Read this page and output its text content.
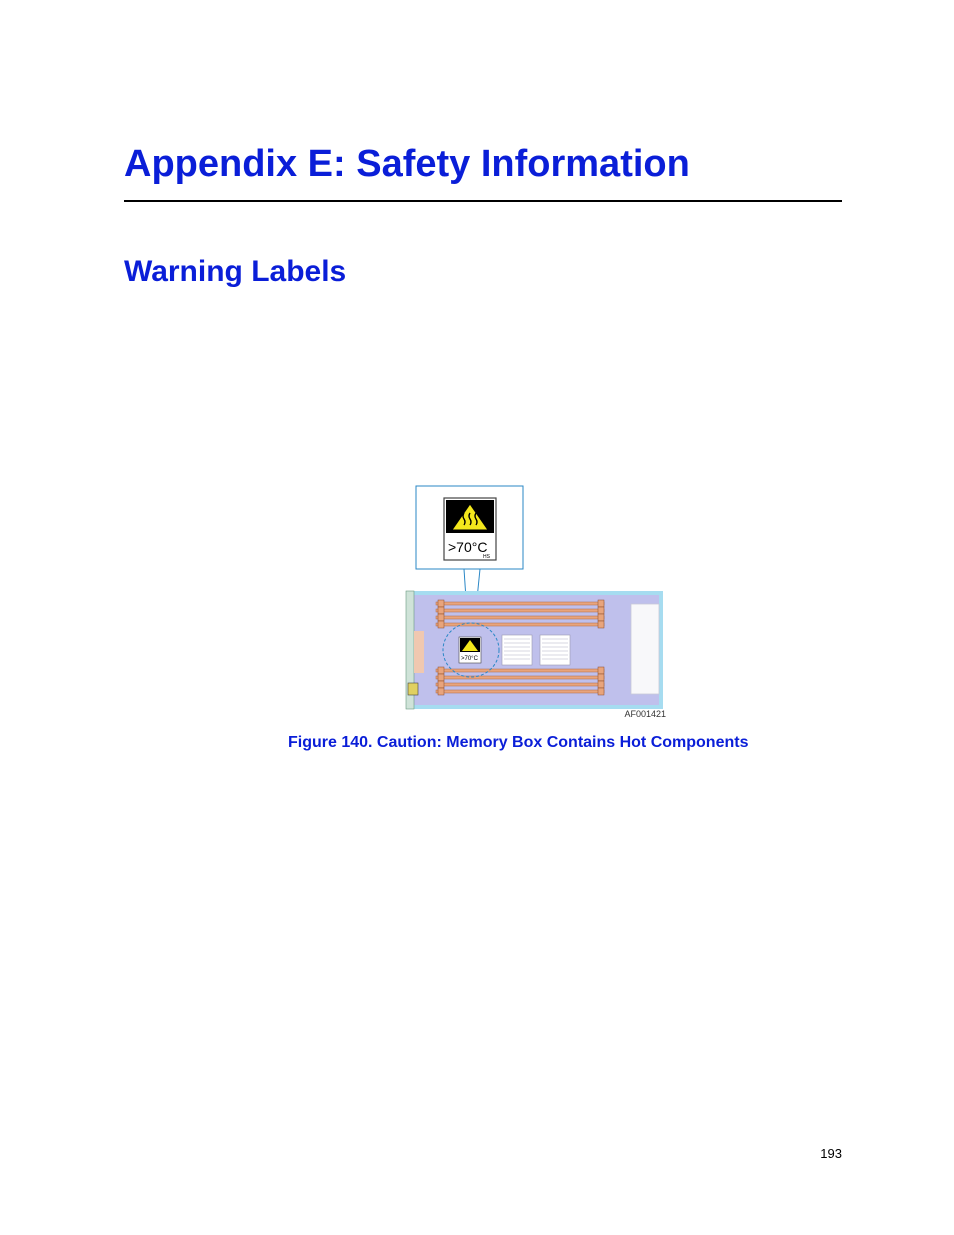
Appendix E: Safety Information
Warning Labels
>70°C
HS
>70°C
AF001421

Figure 140. Caution: Memory Box Contains Hot Components

193
